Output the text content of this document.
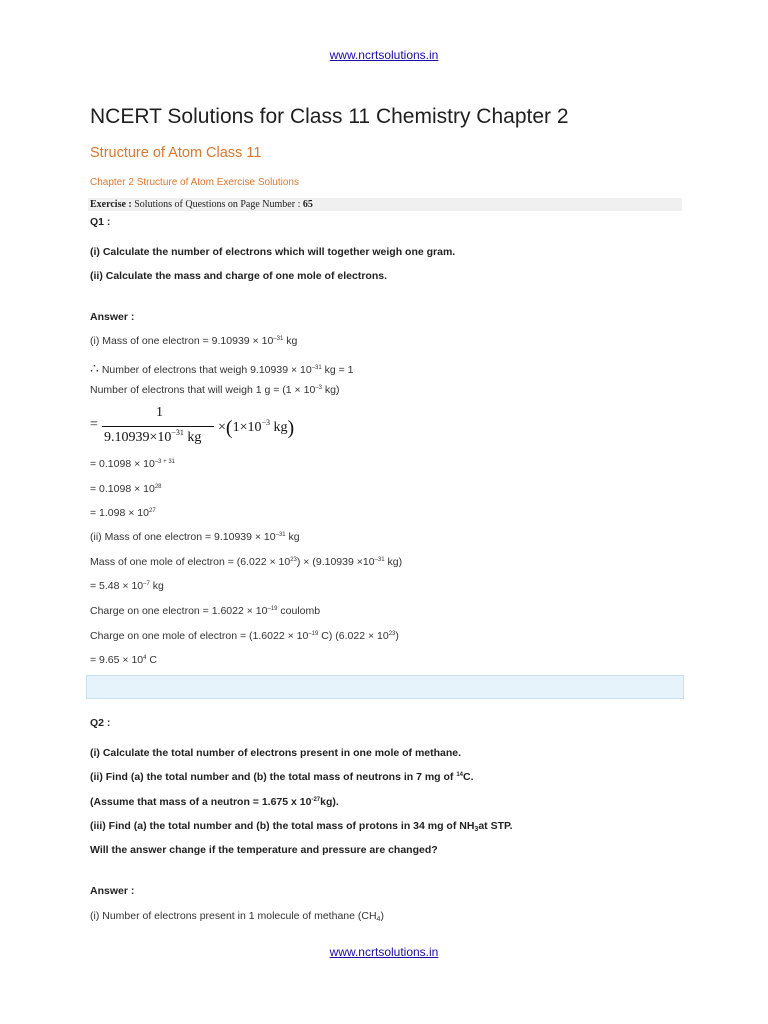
www.ncrtsolutions.in
NCERT Solutions for Class 11 Chemistry Chapter 2
Structure of Atom Class 11
Chapter 2 Structure of Atom Exercise Solutions
Exercise : Solutions of Questions on Page Number : 65
Q1 :
(i) Calculate the number of electrons which will together weigh one gram.
(ii) Calculate the mass and charge of one mole of electrons.
Answer :
(i) Mass of one electron = $9.10939 \times 10^{-31}$ kg
∴ Number of electrons that weigh $9.10939 \times 10^{-31}$ kg = 1
Number of electrons that will weigh 1 $g = (1 \times 10^{-3}$ kg)
=
1
$9.10939\times 10^{-31}$ kg
$\times(1\times 10^{-3}$ kg)
= $0.1098 \times 10^{-3 + 31}$
= $0.1098 \times 10^{28}$
= $1.098 \times 10^{27}$
(ii) Mass of one electron = $9.10939 \times 10^{-31}$ kg
Mass of one mole of electron = $(6.022 \times 10^{23}) \times (9.10939 \times 10^{-31}$ kg)
= $5.48 \times 10^{-7}$ kg
Charge on one electron = $1.6022 \times 10^{-19}$ coulomb
Charge on one mole of electron = ($1.6022 \times 10^{-19}$ C) $(6.022 \times 10^{23})$
= $9.65 \times 10^4$ C
Q2 :
(i) Calculate the total number of electrons present in one mole of methane.
(ii) Find (a) the total number and (b) the total mass of neutrons in 7 mg of $^{14}$C.
(Assume that mass of a neutron = 1.675 x $10^{-27}kg$).
(iii) Find (a) the total number and (b) the total mass of protons in 34 mg of $NH_3at$ STP.
Will the answer change if the temperature and pressure are changed?
Answer :
(i) Number of electrons present in 1 molecule of methane $(CH_4)$
www.ncrtsolutions.in
